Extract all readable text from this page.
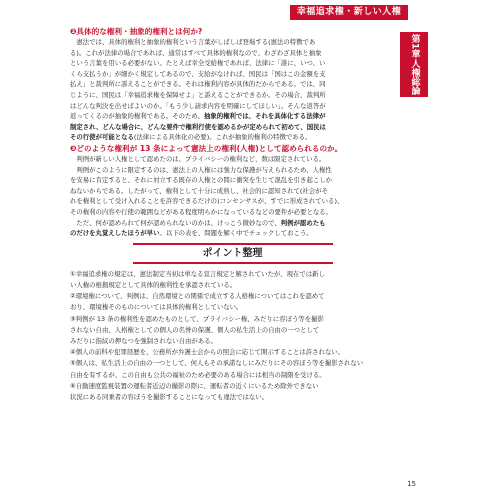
幸福追求権・新しい人権
第1章
人権総論

❷具体的な権利・抽象的権利とは何か?

憲法では、具体的権利と抽象的権利という言葉がしばしば登場する(憲法の特徴であ

る)。これが法律の場合であれば、通常はすべて具体的権利なので、わざわざ具体と抽象

という言葉を用いる必要がない。たとえば幸全受給権であれば、法律に「誰に、いつ、い

くら支払うか」が細かく規定してあるので、支給がなければ、国民は「国はこの金額を支

払え」と裁判所に訴えることができる。それは権利内容が具体的だからである。では、同

じように、国民は「幸福追求権を保障せよ」と訴えることができるか。その場合、裁判所

はどんな判決を出せばよいのか。「もう少し請求内容を明確にしてほしい」。そんな返答が

返ってくるのが抽象的権利である。そのため、抽象的権利では、それを具体化する法律が

制定され、どんな場合に、どんな要件で権利行使を認めるかが定められて初めて、国民は

その行使が可能となる(法律による具体化の必要)。これが抽象的権利の特徴である。

❸どのような権利が 13 条によって憲法上の権利(人権)として認められるのか。

判例が新しい人権として認めたのは、プライバシーの権利など、数は限定されている。

判例がこのように限定するのは、憲法上の人権には強力な保護が与えられるため、人権性

を安易に肯定すると、それに対立する既存の人権との間に衝突を生じて混乱を引き起こしか

ねないからである。したがって、権利として十分に成熟し、社会的に認知されて(社会がそ

れを権利として受け入れることを許容できるだけの)コンセンサスが、すでに形成されている)、

その権利の内容や行使の範囲などがある程度明らかになっているなどの要件が必要となる。

ただ、何が認められて何が認められないのかは、けっこう微妙なので、判例が認めたも

のだけを丸覚えしたほうが早い。以下の表を、問題を解く中でチェックしておこう。

ポイント整理
①幸福追求権の規定は、憲法制定当初は単なる宣言規定と解されていたが、現在では新し
い人権の根拠規定として具体的権利性を承認されている。
②環境権について、判例は、自然環境との関係で成立する人格権についてはこれを認めて
おり、環境権そのものについては具体的権利としていない。
③判例が 13 条の権利性を認めたものとして、プライバシー権、みだりに容ぼう等を撮影
されない自由、人格権としての個人の名誉の保護、個人の私生活上の自由の一つとして
みだりに指紋の押なつを強制されない自由がある。
④個人の前科や犯罪経歴を、公務所が弁護士会からの照会に応じて開示することは許されない。
⑤個人は、私生活上の自由の一つとして、何人もその承諾なしにみだりにその容ぼう等を撮影されない
自由を有するが、この自由も公共の福祉のため必要のある場合には相当の制限を受ける。
⑥自動速度監視装置の運転者近辺の撮影の際に、運転者の近くにいるため除外できない
状況にある同乗者の容ぼうを撮影することになっても違法ではない。
15
